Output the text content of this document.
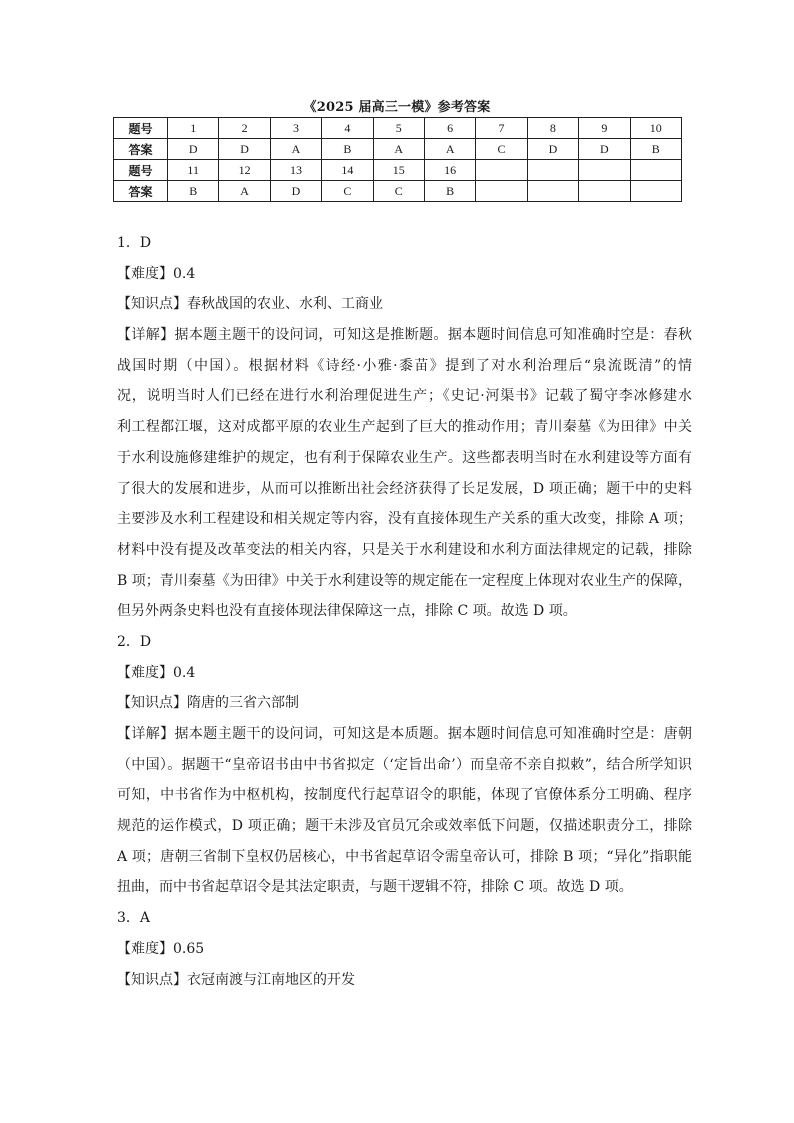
《2025 届高三一模》参考答案
题号	1	2	3	4	5	6	7	8	9	10
答案	D	D	A	B	A	A	C	D	D	B
题号	11	12	13	14	15	16				
答案	B	A	D	C	C	B				
1．D
【难度】0.4
【知识点】春秋战国的农业、水利、工商业
【详解】据本题主题干的设问词，可知这是推断题。据本题时间信息可知准确时空是：春秋
战国时期（中国）。根据材料《诗经·小雅·黍苗》提到了对水利治理后“泉流既清”的情
况，说明当时人们已经在进行水利治理促进生产；《史记·河渠书》记载了蜀守李冰修建水
利工程都江堰，这对成都平原的农业生产起到了巨大的推动作用；青川秦墓《为田律》中关
于水利设施修建维护的规定，也有利于保障农业生产。这些都表明当时在水利建设等方面有
了很大的发展和进步，从而可以推断出社会经济获得了长足发展，D 项正确；题干中的史料
主要涉及水利工程建设和相关规定等内容，没有直接体现生产关系的重大改变，排除 A 项；
材料中没有提及改革变法的相关内容，只是关于水利建设和水利方面法律规定的记载，排除
B 项；青川秦墓《为田律》中关于水利建设等的规定能在一定程度上体现对农业生产的保障，
但另外两条史料也没有直接体现法律保障这一点，排除 C 项。故选 D 项。
2．D
【难度】0.4
【知识点】隋唐的三省六部制
【详解】据本题主题干的设问词，可知这是本质题。据本题时间信息可知准确时空是：唐朝
（中国）。据题干“皇帝诏书由中书省拟定（‘定旨出命’）而皇帝不亲自拟敕”，结合所学知识
可知，中书省作为中枢机构，按制度代行起草诏令的职能，体现了官僚体系分工明确、程序
规范的运作模式，D 项正确；题干未涉及官员冗余或效率低下问题，仅描述职责分工，排除
A 项；唐朝三省制下皇权仍居核心，中书省起草诏令需皇帝认可，排除 B 项；“异化”指职能
扭曲，而中书省起草诏令是其法定职责，与题干逻辑不符，排除 C 项。故选 D 项。
3．A
【难度】0.65
【知识点】衣冠南渡与江南地区的开发
